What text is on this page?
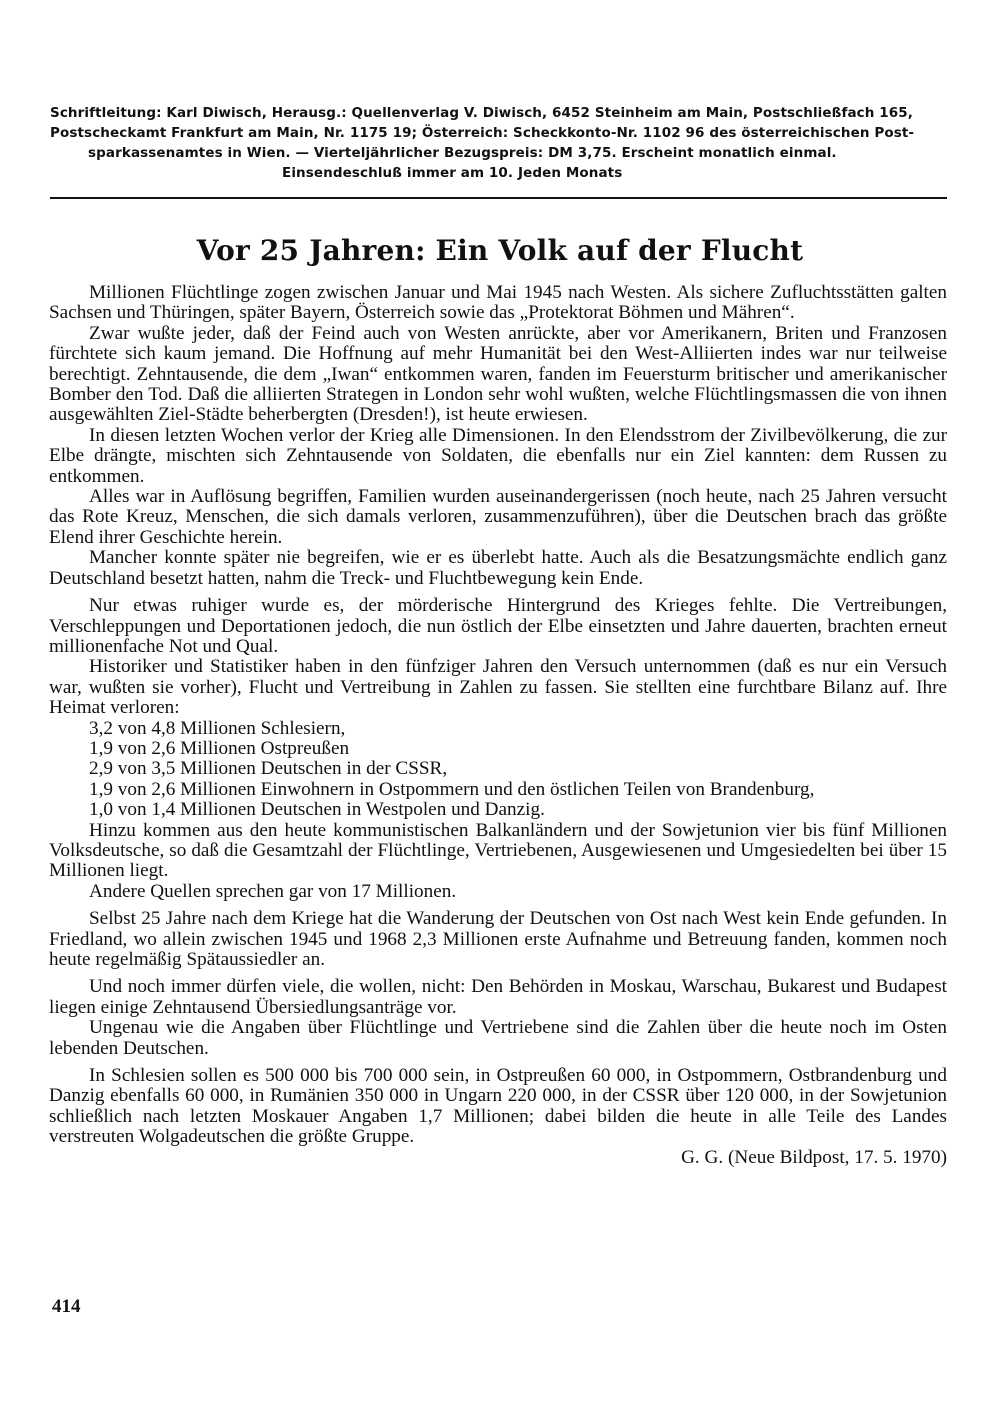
Schriftleitung: Karl Diwisch, Herausg.: Quellenverlag V. Diwisch, 6452 Steinheim am Main, Postschließfach 165,
Postscheckamt Frankfurt am Main, Nr. 1175 19; Österreich: Scheckkonto-Nr. 1102 96 des österreichischen Post-
sparkassenamtes in Wien. — Vierteljährlicher Bezugspreis: DM 3,75. Erscheint monatlich einmal.
Einsendeschluß immer am 10. Jeden Monats
Vor 25 Jahren: Ein Volk auf der Flucht

Millionen Flüchtlinge zogen zwischen Januar und Mai 1945 nach Westen. Als sichere Zufluchtsstätten galten Sachsen und Thüringen, später Bayern, Österreich sowie das „Protektorat Böhmen und Mähren“.

Zwar wußte jeder, daß der Feind auch von Westen anrückte, aber vor Amerikanern, Briten und Franzosen fürchtete sich kaum jemand. Die Hoffnung auf mehr Humanität bei den West-Alliierten indes war nur teilweise berechtigt. Zehntausende, die dem „Iwan“ entkommen waren, fanden im Feuersturm britischer und amerikanischer Bomber den Tod. Daß die alliierten Strategen in London sehr wohl wußten, welche Flüchtlingsmassen die von ihnen ausgewählten Ziel-Städte beherbergten (Dresden!), ist heute erwiesen.

In diesen letzten Wochen verlor der Krieg alle Dimensionen. In den Elendsstrom der Zivilbevölkerung, die zur Elbe drängte, mischten sich Zehntausende von Soldaten, die ebenfalls nur ein Ziel kannten: dem Russen zu entkommen.

Alles war in Auflösung begriffen, Familien wurden auseinandergerissen (noch heute, nach 25 Jahren versucht das Rote Kreuz, Menschen, die sich damals verloren, zusammenzuführen), über die Deutschen brach das größte Elend ihrer Geschichte herein.

Mancher konnte später nie begreifen, wie er es überlebt hatte. Auch als die Besatzungsmächte endlich ganz Deutschland besetzt hatten, nahm die Treck- und Fluchtbewegung kein Ende.

Nur etwas ruhiger wurde es, der mörderische Hintergrund des Krieges fehlte. Die Vertreibungen, Verschleppungen und Deportationen jedoch, die nun östlich der Elbe einsetzten und Jahre dauerten, brachten erneut millionenfache Not und Qual.

Historiker und Statistiker haben in den fünfziger Jahren den Versuch unternommen (daß es nur ein Versuch war, wußten sie vorher), Flucht und Vertreibung in Zahlen zu fassen. Sie stellten eine furchtbare Bilanz auf. Ihre Heimat verloren:

3,2 von 4,8 Millionen Schlesiern,
1,9 von 2,6 Millionen Ostpreußen
2,9 von 3,5 Millionen Deutschen in der CSSR,
1,9 von 2,6 Millionen Einwohnern in Ostpommern und den östlichen Teilen von Brandenburg,
1,0 von 1,4 Millionen Deutschen in Westpolen und Danzig.

Hinzu kommen aus den heute kommunistischen Balkanländern und der Sowjetunion vier bis fünf Millionen Volksdeutsche, so daß die Gesamtzahl der Flüchtlinge, Vertriebenen, Ausgewiesenen und Umgesiedelten bei über 15 Millionen liegt.

Andere Quellen sprechen gar von 17 Millionen.

Selbst 25 Jahre nach dem Kriege hat die Wanderung der Deutschen von Ost nach West kein Ende gefunden. In Friedland, wo allein zwischen 1945 und 1968 2,3 Millionen erste Aufnahme und Betreuung fanden, kommen noch heute regelmäßig Spätaussiedler an.

Und noch immer dürfen viele, die wollen, nicht: Den Behörden in Moskau, Warschau, Bukarest und Budapest liegen einige Zehntausend Übersiedlungsanträge vor.

Ungenau wie die Angaben über Flüchtlinge und Vertriebene sind die Zahlen über die heute noch im Osten lebenden Deutschen.

In Schlesien sollen es 500 000 bis 700 000 sein, in Ostpreußen 60 000, in Ostpommern, Ostbrandenburg und Danzig ebenfalls 60 000, in Rumänien 350 000 in Ungarn 220 000, in der CSSR über 120 000, in der Sowjetunion schließlich nach letzten Moskauer Angaben 1,7 Millionen; dabei bilden die heute in alle Teile des Landes verstreuten Wolgadeutschen die größte Gruppe.

G. G. (Neue Bildpost, 17. 5. 1970)
414
